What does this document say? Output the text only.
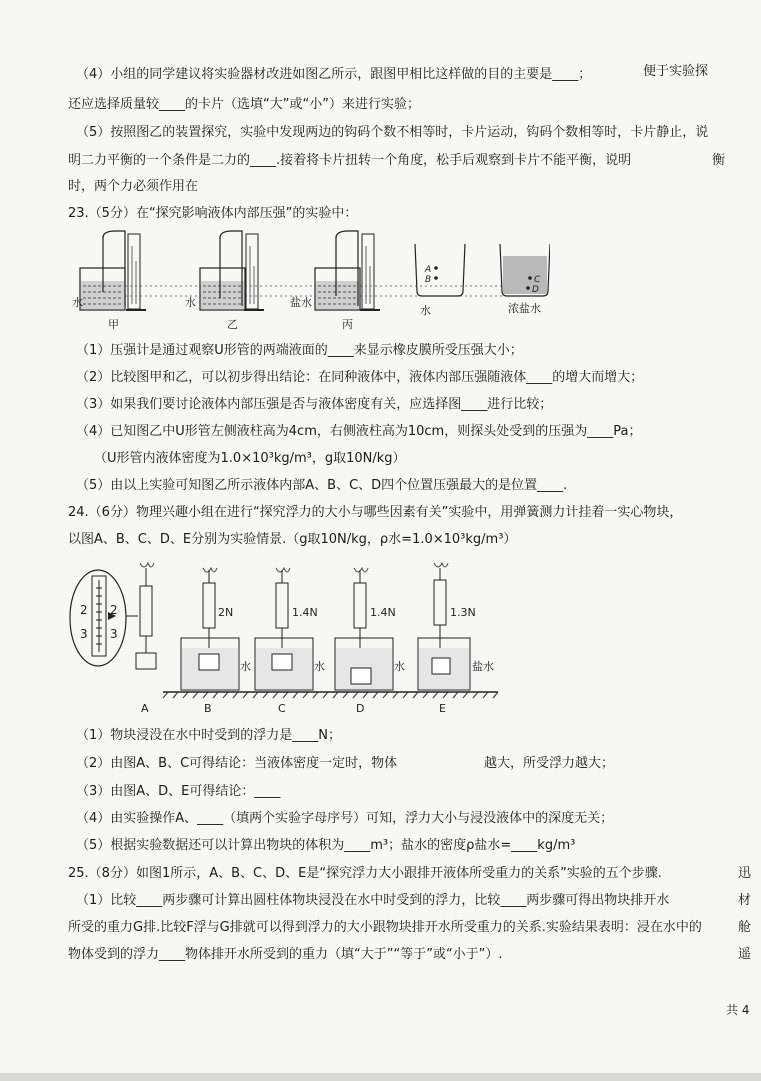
（4）小组的同学建议将实验器材改进如图乙所示，跟图甲相比这样做的目的主要是____；	便于实验探
还应选择质量较____的卡片（选填“大”或“小”）来进行实验；
（5）按照图乙的装置探究，实验中发现两边的钩码个数不相等时，卡片运动，钩码个数相等时，卡片静止，说
明二力平衡的一个条件是二力的____.接着将卡片扭转一个角度，松手后观察到卡片不能平衡，说明	衡
时，两个力必须作用在
23.（5分）在“探究影响液体内部压强”的实验中：
水	水	盐水
甲	乙	丙
A
B	C
D
水	浓盐水
（1）压强计是通过观察U形管的两端液面的____来显示橡皮膜所受压强大小；
（2）比较图甲和乙，可以初步得出结论：在同种液体中，液体内部压强随液体____的增大而增大；
（3）如果我们要讨论液体内部压强是否与液体密度有关，应选择图____进行比较；
（4）已知图乙中U形管左侧液柱高为4cm，右侧液柱高为10cm，则探头处受到的压强为____Pa；
（U形管内液体密度为1.0×10³kg/m³，g取10N/kg）
（5）由以上实验可知图乙所示液体内部A、B、C、D四个位置压强最大的是位置____.
24.（6分）物理兴趣小组在进行“探究浮力的大小与哪些因素有关”实验中，用弹簧测力计挂着一实心物块，
以图A、B、C、D、E分别为实验情景.（g取10N/kg，ρ水=1.0×10³kg/m³）
2 2
3 3
2N	1.4N	1.4N	1.3N
水	水	水	盐水
A	B	C	D	E
（1）物块浸没在水中时受到的浮力是____N；
（2）由图A、B、C可得结论：当液体密度一定时，物体	越大，所受浮力越大；
（3）由图A、D、E可得结论：____
（4）由实验操作A、____（填两个实验字母序号）可知，浮力大小与浸没液体中的深度无关；
（5）根据实验数据还可以计算出物块的体积为____m³；盐水的密度ρ盐水=____kg/m³
25.（8分）如图1所示，A、B、C、D、E是“探究浮力大小跟排开液体所受重力的关系”实验的五个步骤.
（1）比较____两步骤可计算出圆柱体物块浸没在水中时受到的浮力，比较____两步骤可得出物块排开水
所受的重力G排.比较F浮与G排就可以得到浮力的大小跟物块排开水所受重力的关系.实验结果表明：浸在水中的
物体受到的浮力____物体排开水所受到的重力（填“大于”“等于”或“小于”）.
迅
材
舱
遥
共 4
